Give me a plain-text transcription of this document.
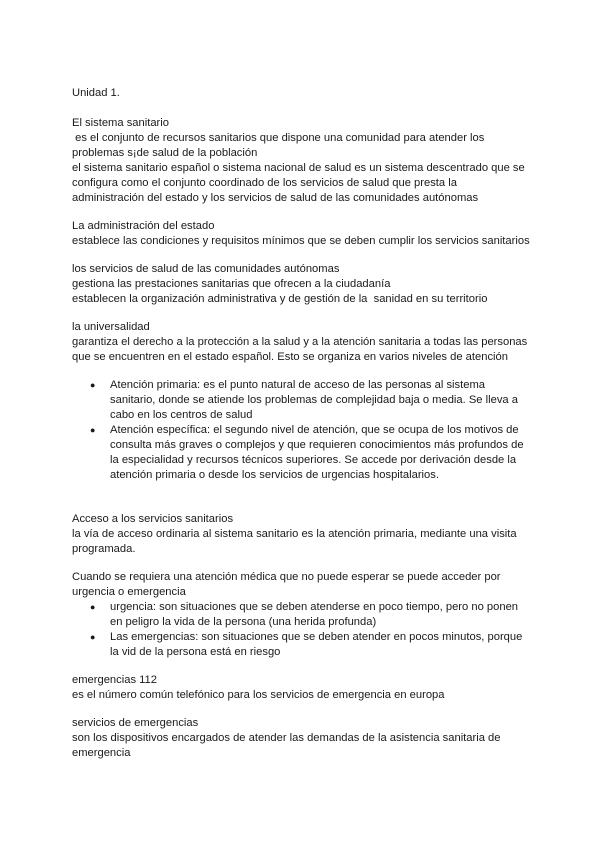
Unidad 1.
El sistema sanitario
es el conjunto de recursos sanitarios que dispone una comunidad para atender los
problemas s¡de salud de la población
el sistema sanitario español o sistema nacional de salud es un sistema descentrado que se
configura como el conjunto coordinado de los servicios de salud que presta la
administración del estado y los servicios de salud de las comunidades autónomas
La administración del estado
establece las condiciones y requisitos mínimos que se deben cumplir los servicios sanitarios
los servicios de salud de las comunidades autónomas
gestiona las prestaciones sanitarias que ofrecen a la ciudadanía
establecen la organización administrativa y de gestión de la  sanidad en su territorio
la universalidad
garantiza el derecho a la protección a la salud y a la atención sanitaria a todas las personas
que se encuentren en el estado español. Esto se organiza en varios niveles de atención
● Atención primaria: es el punto natural de acceso de las personas al sistema
sanitario, donde se atiende los problemas de complejidad baja o media. Se lleva a
cabo en los centros de salud
● Atención específica: el segundo nivel de atención, que se ocupa de los motivos de
consulta más graves o complejos y que requieren conocimientos más profundos de
la especialidad y recursos técnicos superiores. Se accede por derivación desde la
atención primaria o desde los servicios de urgencias hospitalarios.
Acceso a los servicios sanitarios
la vía de acceso ordinaria al sistema sanitario es la atención primaria, mediante una visita
programada.
Cuando se requiera una atención médica que no puede esperar se puede acceder por
urgencia o emergencia
● urgencia: son situaciones que se deben atenderse en poco tiempo, pero no ponen
en peligro la vida de la persona (una herida profunda)
● Las emergencias: son situaciones que se deben atender en pocos minutos, porque
la vid de la persona está en riesgo
emergencias 112
es el número común telefónico para los servicios de emergencia en europa
servicios de emergencias
son los dispositivos encargados de atender las demandas de la asistencia sanitaria de
emergencia
